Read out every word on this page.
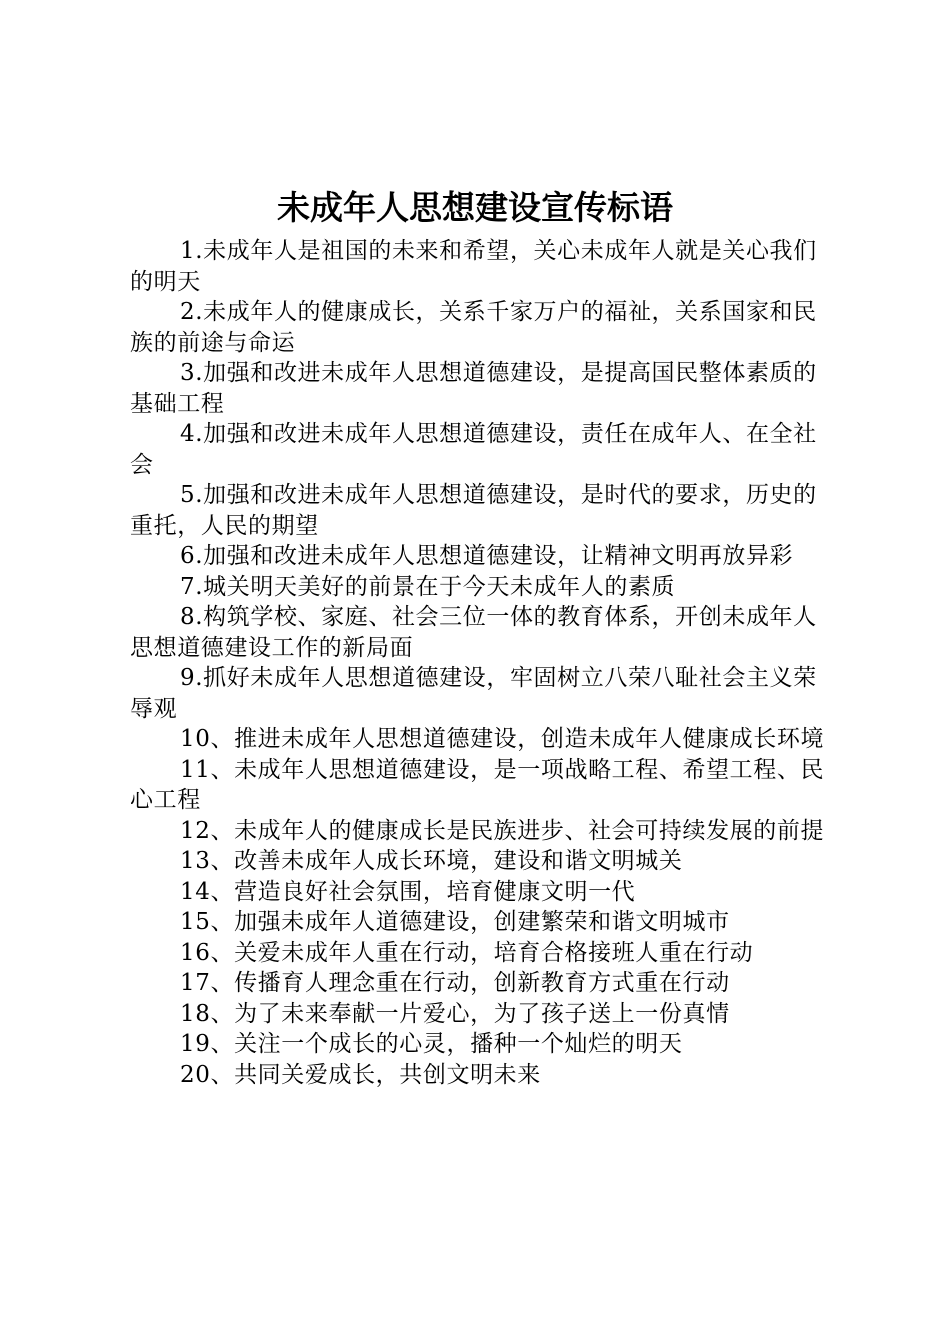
未成年人思想建设宣传标语

1.未成年人是祖国的未来和希望，关心未成年人就是关心我们的明天

2.未成年人的健康成长，关系千家万户的福祉，关系国家和民族的前途与命运

3.加强和改进未成年人思想道德建设，是提高国民整体素质的基础工程

4.加强和改进未成年人思想道德建设，责任在成年人、在全社会

5.加强和改进未成年人思想道德建设，是时代的要求，历史的重托，人民的期望

6.加强和改进未成年人思想道德建设，让精神文明再放异彩

7.城关明天美好的前景在于今天未成年人的素质

8.构筑学校、家庭、社会三位一体的教育体系，开创未成年人思想道德建设工作的新局面

9.抓好未成年人思想道德建设，牢固树立八荣八耻社会主义荣辱观

10、推进未成年人思想道德建设，创造未成年人健康成长环境

11、未成年人思想道德建设，是一项战略工程、希望工程、民心工程

12、未成年人的健康成长是民族进步、社会可持续发展的前提

13、改善未成年人成长环境，建设和谐文明城关

14、营造良好社会氛围，培育健康文明一代

15、加强未成年人道德建设，创建繁荣和谐文明城市

16、关爱未成年人重在行动，培育合格接班人重在行动

17、传播育人理念重在行动，创新教育方式重在行动

18、为了未来奉献一片爱心，为了孩子送上一份真情

19、关注一个成长的心灵，播种一个灿烂的明天

20、共同关爱成长，共创文明未来
